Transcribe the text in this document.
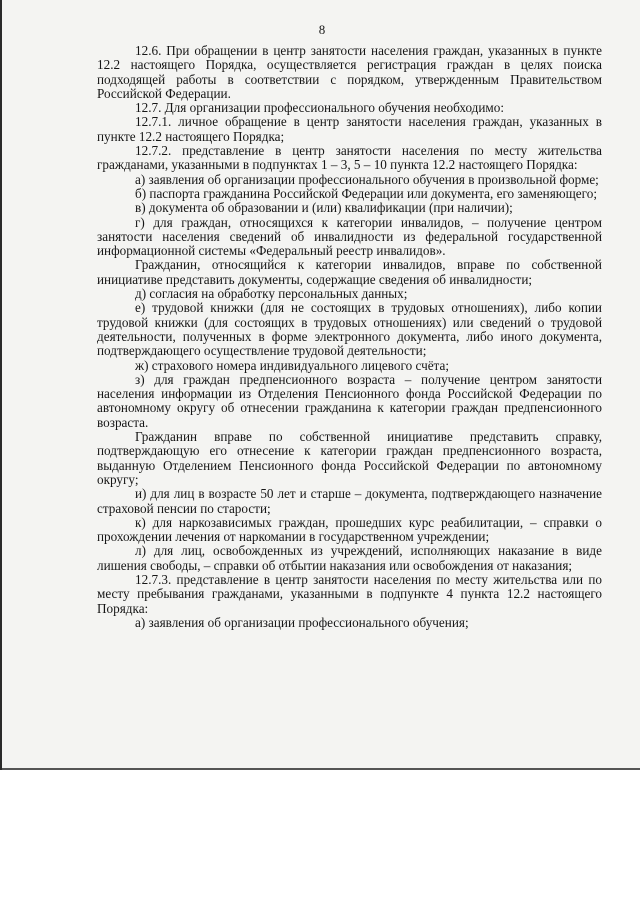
8

12.6. При обращении в центр занятости населения граждан, указанных в пункте 12.2 настоящего Порядка, осуществляется регистрация граждан в целях поиска подходящей работы в соответствии с порядком, утвержденным Правительством Российской Федерации.

12.7. Для организации профессионального обучения необходимо:

12.7.1. личное обращение в центр занятости населения граждан, указанных в пункте 12.2 настоящего Порядка;

12.7.2. представление в центр занятости населения по месту жительства гражданами, указанными в подпунктах 1 – 3, 5 – 10 пункта 12.2 настоящего Порядка:

а) заявления об организации профессионального обучения в произвольной форме;

б) паспорта гражданина Российской Федерации или документа, его заменяющего;

в) документа об образовании и (или) квалификации (при наличии);

г) для граждан, относящихся к категории инвалидов, – получение центром занятости населения сведений об инвалидности из федеральной государственной информационной системы «Федеральный реестр инвалидов».

Гражданин, относящийся к категории инвалидов, вправе по собственной инициативе представить документы, содержащие сведения об инвалидности;

д) согласия на обработку персональных данных;

е) трудовой книжки (для не состоящих в трудовых отношениях), либо копии трудовой книжки (для состоящих в трудовых отношениях) или сведений о трудовой деятельности, полученных в форме электронного документа, либо иного документа, подтверждающего осуществление трудовой деятельности;

ж) страхового номера индивидуального лицевого счёта;

з) для граждан предпенсионного возраста – получение центром занятости населения информации из Отделения Пенсионного фонда Российской Федерации по автономному округу об отнесении гражданина к категории граждан предпенсионного возраста.

Гражданин вправе по собственной инициативе представить справку, подтверждающую его отнесение к категории граждан предпенсионного возраста, выданную Отделением Пенсионного фонда Российской Федерации по автономному округу;

и) для лиц в возрасте 50 лет и старше – документа, подтверждающего назначение страховой пенсии по старости;

к) для наркозависимых граждан, прошедших курс реабилитации, – справки о прохождении лечения от наркомании в государственном учреждении;

л) для лиц, освобожденных из учреждений, исполняющих наказание в виде лишения свободы, – справки об отбытии наказания или освобождения от наказания;

12.7.3. представление в центр занятости населения по месту жительства или по месту пребывания гражданами, указанными в подпункте 4 пункта 12.2 настоящего Порядка:

а) заявления об организации профессионального обучения;
